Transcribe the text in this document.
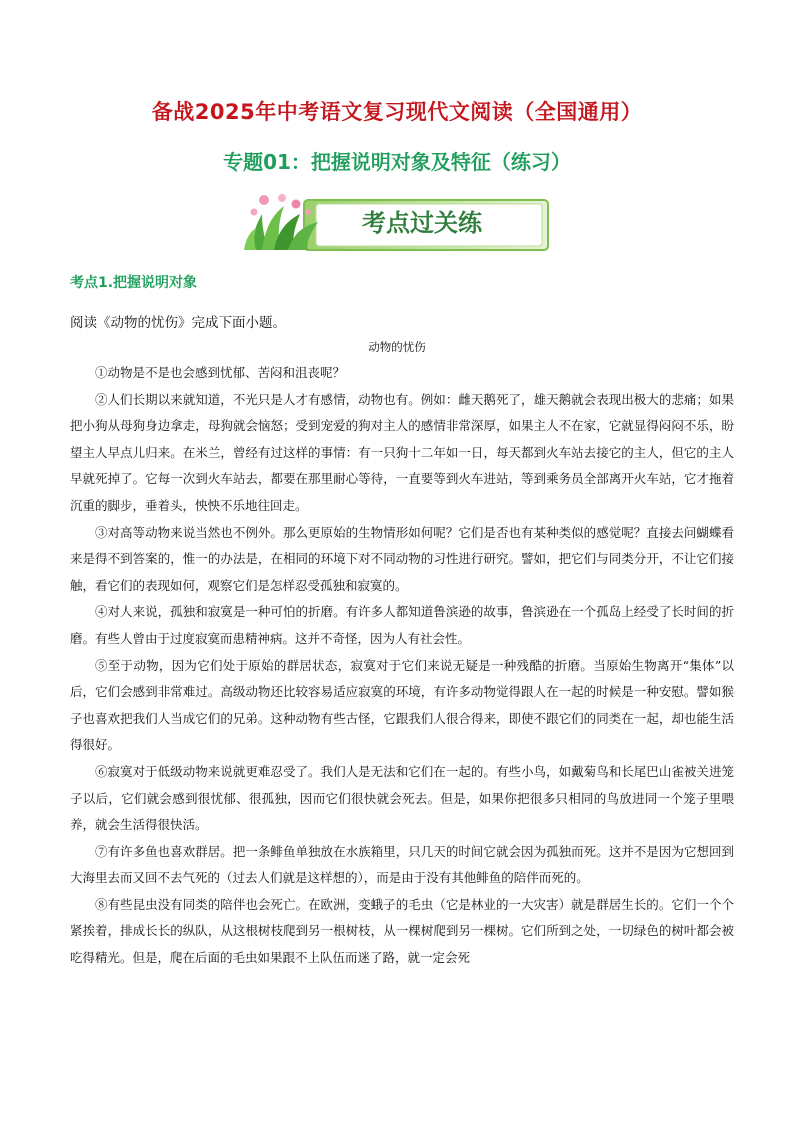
备战2025年中考语文复习现代文阅读（全国通用）
专题01：把握说明对象及特征（练习）
考点过关练
考点1.把握说明对象
阅读《动物的忧伤》完成下面小题。
动物的忧伤

①动物是不是也会感到忧郁、苦闷和沮丧呢？

②人们长期以来就知道，不光只是人才有感情，动物也有。例如：雌天鹅死了，雄天鹅就会表现出极大的悲痛；如果把小狗从母狗身边拿走，母狗就会恼怒；受到宠爱的狗对主人的感情非常深厚，如果主人不在家，它就显得闷闷不乐，盼望主人早点儿归来。在米兰，曾经有过这样的事情：有一只狗十二年如一日，每天都到火车站去接它的主人，但它的主人早就死掉了。它每一次到火车站去，都要在那里耐心等待，一直要等到火车进站，等到乘务员全部离开火车站，它才拖着沉重的脚步，垂着头，怏怏不乐地往回走。

③对高等动物来说当然也不例外。那么更原始的生物情形如何呢？它们是否也有某种类似的感觉呢？直接去问蝴蝶看来是得不到答案的，惟一的办法是，在相同的环境下对不同动物的习性进行研究。譬如，把它们与同类分开，不让它们接触，看它们的表现如何，观察它们是怎样忍受孤独和寂寞的。

④对人来说，孤独和寂寞是一种可怕的折磨。有许多人都知道鲁滨逊的故事，鲁滨逊在一个孤岛上经受了长时间的折磨。有些人曾由于过度寂寞而患精神病。这并不奇怪，因为人有社会性。

⑤至于动物，因为它们处于原始的群居状态，寂寞对于它们来说无疑是一种残酷的折磨。当原始生物离开“集体”以后，它们会感到非常难过。高级动物还比较容易适应寂寞的环境，有许多动物觉得跟人在一起的时候是一种安慰。譬如猴子也喜欢把我们人当成它们的兄弟。这种动物有些古怪，它跟我们人很合得来，即使不跟它们的同类在一起，却也能生活得很好。

⑥寂寞对于低级动物来说就更难忍受了。我们人是无法和它们在一起的。有些小鸟，如戴菊鸟和长尾巴山雀被关进笼子以后，它们就会感到很忧郁、很孤独，因而它们很快就会死去。但是，如果你把很多只相同的鸟放进同一个笼子里喂养，就会生活得很快活。

⑦有许多鱼也喜欢群居。把一条鲱鱼单独放在水族箱里，只几天的时间它就会因为孤独而死。这并不是因为它想回到大海里去而又回不去气死的（过去人们就是这样想的），而是由于没有其他鲱鱼的陪伴而死的。

⑧有些昆虫没有同类的陪伴也会死亡。在欧洲，变蛾子的毛虫（它是林业的一大灾害）就是群居生长的。它们一个个紧挨着，排成长长的纵队，从这根树枝爬到另一根树枝，从一棵树爬到另一棵树。它们所到之处，一切绿色的树叶都会被吃得精光。但是，爬在后面的毛虫如果跟不上队伍而迷了路，就一定会死
